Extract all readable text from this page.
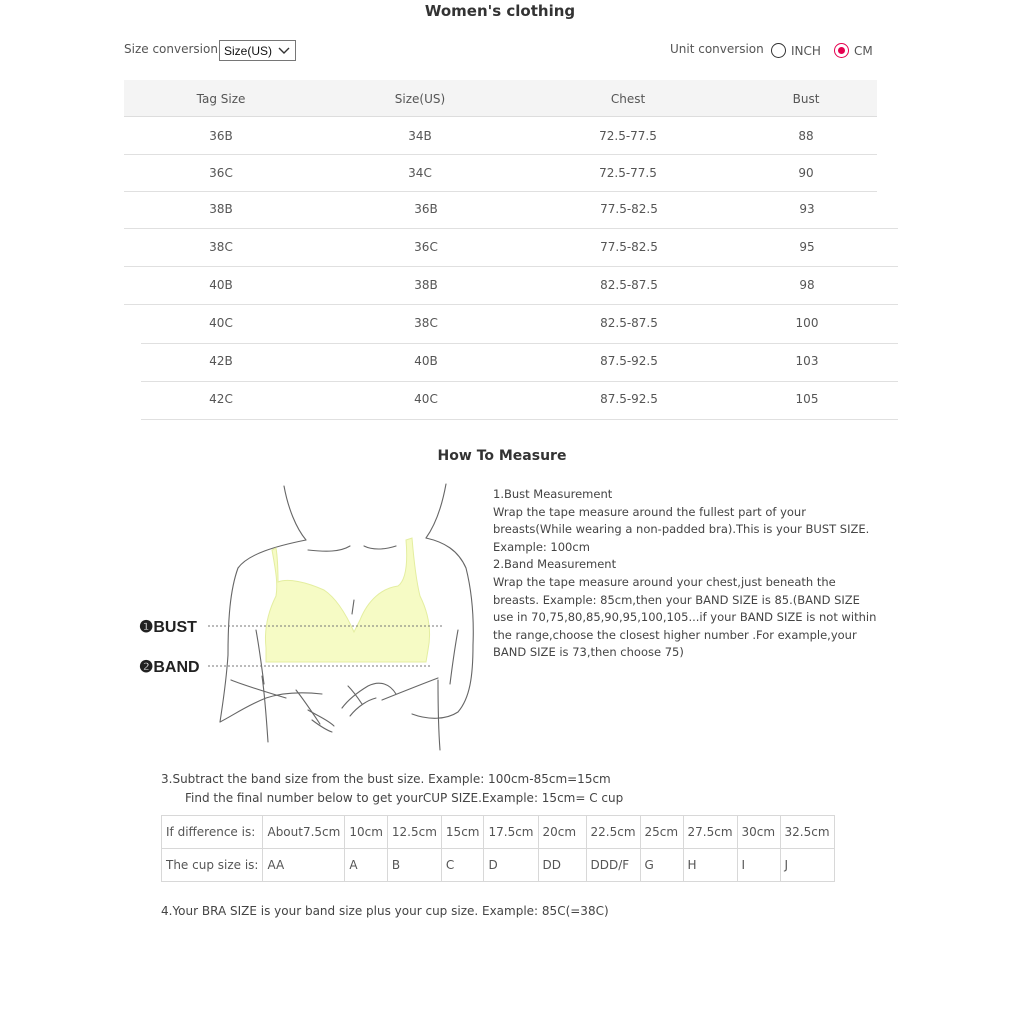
Women's clothing
Size conversion Size(US)	Unit conversion INCH	CM
Tag Size	Size(US)	Chest	Bust
36B	34B	72.5-77.5	88
36C	34C	72.5-77.5	90
38B	36B	77.5-82.5	93
38C	36C	77.5-82.5	95
40B	38B	82.5-87.5	98
40C	38C	82.5-87.5	100
42B	40B	87.5-92.5	103
42C	40C	87.5-92.5	105
How To Measure
❶BUST
❷BAND
1.Bust Measurement
Wrap the tape measure around the fullest part of your breasts(While wearing a non-padded bra).This is your BUST SIZE. Example: 100cm
2.Band Measurement
Wrap the tape measure around your chest,just beneath the breasts. Example: 85cm,then your BAND SIZE is 85.(BAND SIZE use in 70,75,80,85,90,95,100,105...if your BAND SIZE is not within the range,choose the closest higher number .For example,your BAND SIZE is 73,then choose 75)
3.Subtract the band size from the bust size. Example: 100cm-85cm=15cm
Find the final number below to get yourCUP SIZE.Example: 15cm= C cup
If difference is:	About7.5cm	10cm	12.5cm	15cm	17.5cm	20cm	22.5cm	25cm	27.5cm	30cm	32.5cm
The cup size is:	AA	A	B	C	D	DD	DDD/F	G	H	I	J
4.Your BRA SIZE is your band size plus your cup size. Example: 85C(=38C)
